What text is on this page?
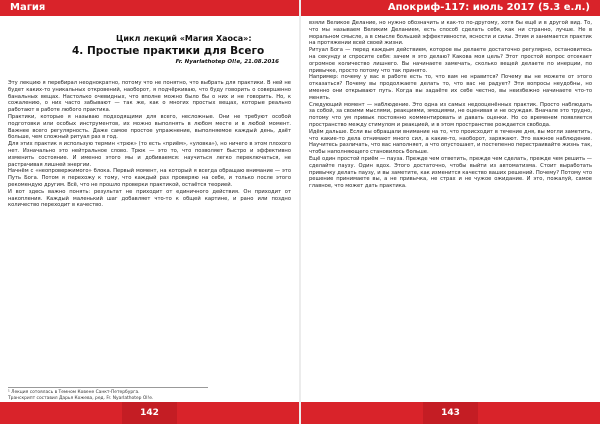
Магия	Апокриф-117: июль 2017 (5.3 е.л.)
Цикл лекций «Магия Хаоса»:
4. Простые практики для Всего
Fr. Nyarlathotep Ol!e, 21.08.2016

Эту лекцию я перебирал неоднократно, потому что не понятно, что выбрать для практики. В ней не будет каких-то уникальных откровений, наоборот, я подчёркиваю, что буду говорить о совершенно банальных вещах. Настолько очевидных, что вполне можно было бы о них и не говорить. Но, к сожалению, о них часто забывают — так же, как о многих простых вещах, которые реально работают в работе любого практика.

Практики, которые я называю подходящими для всего, несложные. Они не требуют особой подготовки или особых инструментов, их можно выполнять в любом месте и в любой момент. Важнее всего регулярность. Даже самое простое упражнение, выполняемое каждый день, даёт больше, чем сложный ритуал раз в год.

Для этих практик я использую термин «трюк» (то есть «приём», «уловка»), но ничего в этом плохого нет. Изначально это нейтральное слово. Трюк — это то, что позволяет быстро и эффективно изменить состояние. И именно этого мы и добиваемся: научиться легко переключаться, не растрачивая лишней энергии.

Начнём с «неопровержимого» блока. Первый момент, на который я всегда обращаю внимание — это Путь Бога. Потом я перехожу к тому, что каждый раз проверяю на себе, и только после этого рекомендую другим. Всё, что не прошло проверки практикой, остаётся теорией.

И вот здесь важно понять: результат не приходит от единичного действия. Он приходит от накопления. Каждый маленький шаг добавляет что-то к общей картине, и рано или поздно количество переходит в качество.

¹ Лекция сотоялась в Темном Ковене Санкт-Петербурга.
Транскрипт составил Дарья Кожева, ред. Fr. Nyarlathotep Ol!e.

взяли Великое Делание, но нужно обозначить и как-то по-другому, хотя бы ещё и в другой вид. То, что мы называем Великим Деланием, есть способ сделать себя, как ни странно, лучше. Не в моральном смысле, а в смысле большей эффективности, ясности и силы. Этим и занимается практик на протяжении всей своей жизни.

Ритуал Бога — перед каждым действием, которое вы делаете достаточно регулярно, остановитесь на секунду и спросите себя: зачем я это делаю? Какова моя цель? Этот простой вопрос отсекает огромное количество лишнего. Вы начинаете замечать, сколько вещей делаете по инерции, по привычке, просто потому что так принято.

Например: почему у вас в работе есть то, что вам не нравится? Почему вы не можете от этого отказаться? Почему вы продолжаете делать то, что вас не радует? Эти вопросы неудобны, но именно они открывают путь. Когда вы задаёте их себе честно, вы неизбежно начинаете что-то менять.

Следующий момент — наблюдение. Это одна из самых недооценённых практик. Просто наблюдать за собой, за своими мыслями, реакциями, эмоциями, не оценивая и не осуждая. Вначале это трудно, потому что ум привык постоянно комментировать и давать оценки. Но со временем появляется пространство между стимулом и реакцией, и в этом пространстве рождается свобода.

Идём дальше. Если вы обращали внимание на то, что происходит в течение дня, вы могли заметить, что какие-то дела отнимают много сил, а какие-то, наоборот, заряжают. Это важное наблюдение. Научитесь различать, что вас наполняет, а что опустошает, и постепенно перестраивайте жизнь так, чтобы наполняющего становилось больше.

Ещё один простой приём — пауза. Прежде чем ответить, прежде чем сделать, прежде чем решить — сделайте паузу. Один вдох. Этого достаточно, чтобы выйти из автоматизма. Стоит выработать привычку делать паузу, и вы заметите, как изменится качество ваших решений. Почему? Потому что решение принимаете вы, а не привычка, не страх и не чужое ожидание. И это, пожалуй, самое главное, что может дать практика.

142	143
